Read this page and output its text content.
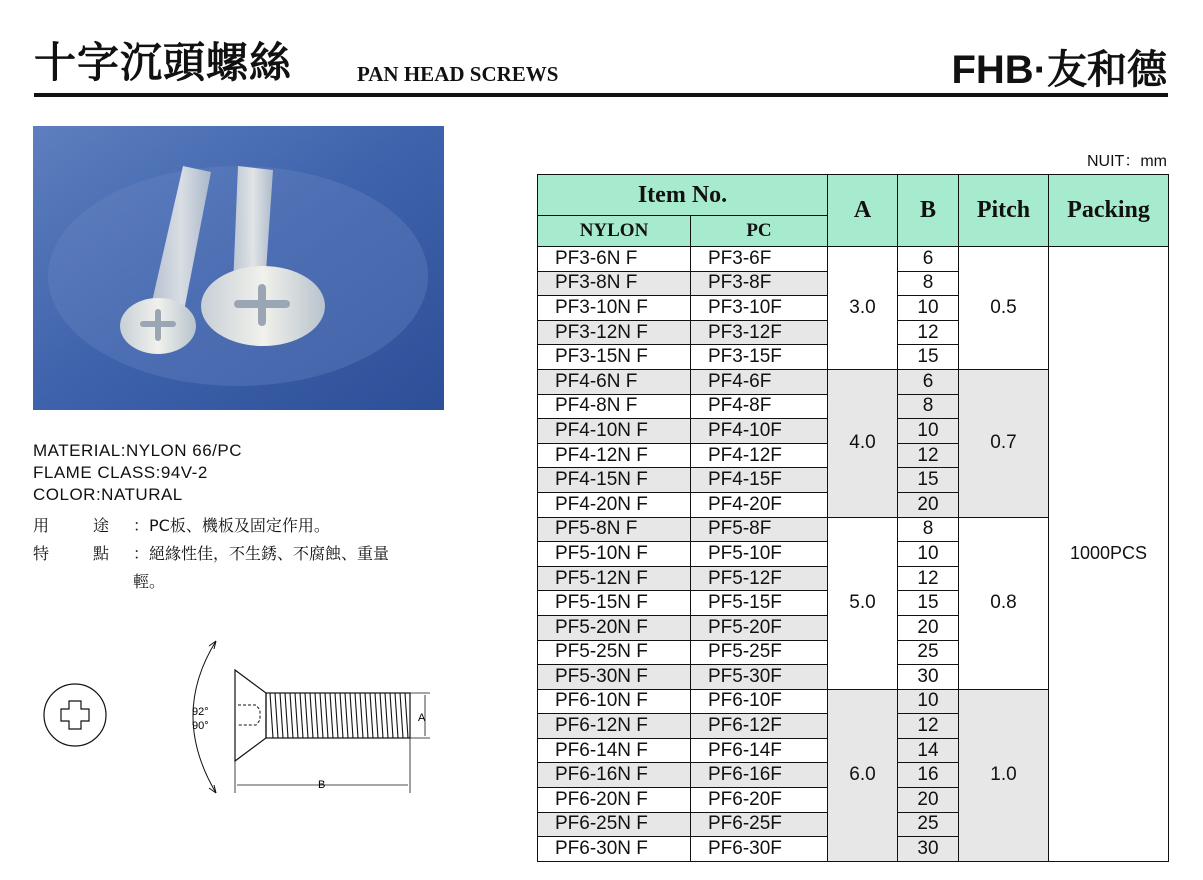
十字沉頭螺絲	PAN HEAD SCREWS	FHB·友和德
MATERIAL:NYLON 66/PC
FLAME CLASS:94V-2
COLOR:NATURAL
用	途 ：PC板、機板及固定作用。
特	點 ：絕緣性佳，不生銹、不腐蝕、重量
輕。
92°
90°
A
B
NUIT：mm
Item No.		A	B	Pitch	Packing
NYLON	PC				
PF3-6N F	PF3-6F	3.0	6	0.5	1000PCS
PF3-8N F	PF3-8F		8		
PF3-10N F	PF3-10F		10		
PF3-12N F	PF3-12F		12		
PF3-15N F	PF3-15F		15		
PF4-6N F	PF4-6F	4.0	6	0.7	
PF4-8N F	PF4-8F		8		
PF4-10N F	PF4-10F		10		
PF4-12N F	PF4-12F		12		
PF4-15N F	PF4-15F		15		
PF4-20N F	PF4-20F		20		
PF5-8N F	PF5-8F	5.0	8	0.8	
PF5-10N F	PF5-10F		10		
PF5-12N F	PF5-12F		12		
PF5-15N F	PF5-15F		15		
PF5-20N F	PF5-20F		20		
PF5-25N F	PF5-25F		25		
PF5-30N F	PF5-30F		30		
PF6-10N F	PF6-10F	6.0	10	1.0	
PF6-12N F	PF6-12F		12		
PF6-14N F	PF6-14F		14		
PF6-16N F	PF6-16F		16		
PF6-20N F	PF6-20F		20		
PF6-25N F	PF6-25F		25		
PF6-30N F	PF6-30F		30		
